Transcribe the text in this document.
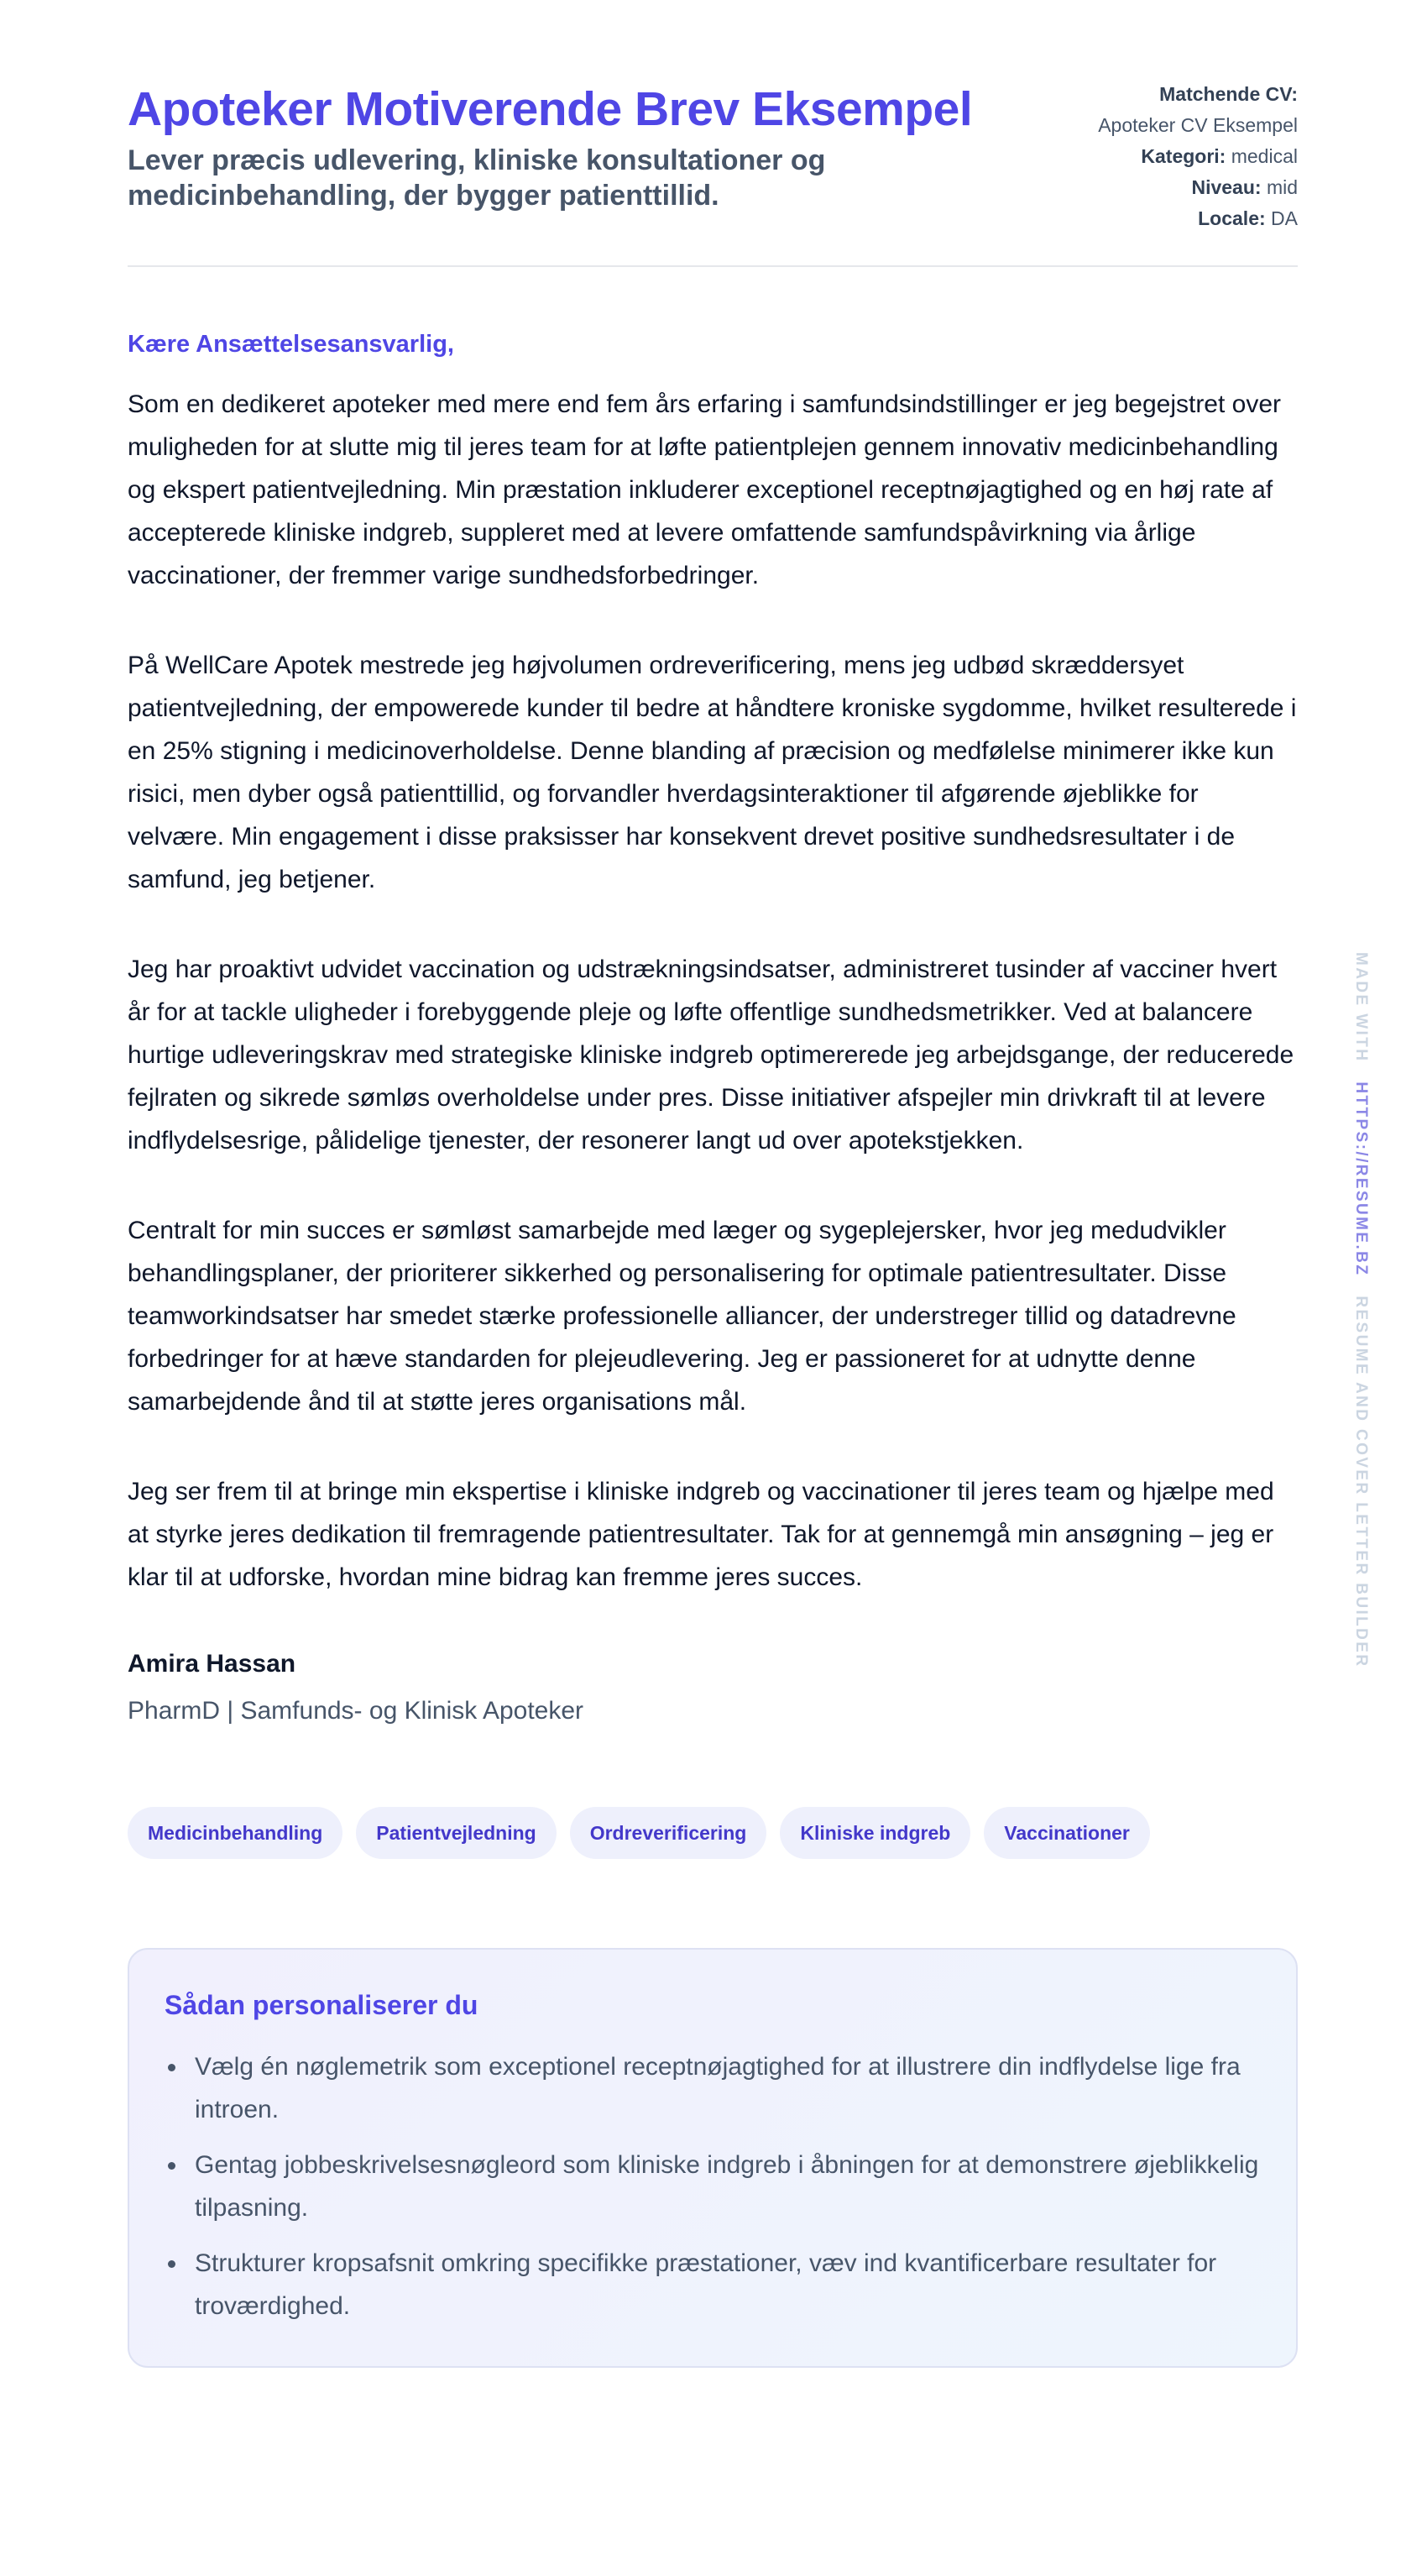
Apoteker Motiverende Brev Eksempel
Lever præcis udlevering, kliniske konsultationer og medicinbehandling, der bygger patienttillid.
Matchende CV:
Apoteker CV Eksempel
Kategori: medical
Niveau: mid
Locale: DA
Kære Ansættelsesansvarlig,

Som en dedikeret apoteker med mere end fem års erfaring i samfundsindstillinger er jeg begejstret over muligheden for at slutte mig til jeres team for at løfte patientplejen gennem innovativ medicinbehandling og ekspert patientvejledning. Min præstation inkluderer exceptionel receptnøjagtighed og en høj rate af accepterede kliniske indgreb, suppleret med at levere omfattende samfundspåvirkning via årlige vaccinationer, der fremmer varige sundhedsforbedringer.

På WellCare Apotek mestrede jeg højvolumen ordreverificering, mens jeg udbød skræddersyet patientvejledning, der empowerede kunder til bedre at håndtere kroniske sygdomme, hvilket resulterede i en 25% stigning i medicinoverholdelse. Denne blanding af præcision og medfølelse minimerer ikke kun risici, men dyber også patienttillid, og forvandler hverdagsinteraktioner til afgørende øjeblikke for velvære. Min engagement i disse praksisser har konsekvent drevet positive sundhedsresultater i de samfund, jeg betjener.

Jeg har proaktivt udvidet vaccination og udstrækningsindsatser, administreret tusinder af vacciner hvert år for at tackle uligheder i forebyggende pleje og løfte offentlige sundhedsmetrikker. Ved at balancere hurtige udleveringskrav med strategiske kliniske indgreb optimererede jeg arbejdsgange, der reducerede fejlraten og sikrede sømløs overholdelse under pres. Disse initiativer afspejler min drivkraft til at levere indflydelsesrige, pålidelige tjenester, der resonerer langt ud over apotekstjekken.

Centralt for min succes er sømløst samarbejde med læger og sygeplejersker, hvor jeg medudvikler behandlingsplaner, der prioriterer sikkerhed og personalisering for optimale patientresultater. Disse teamworkindsatser har smedet stærke professionelle alliancer, der understreger tillid og datadrevne forbedringer for at hæve standarden for plejeudlevering. Jeg er passioneret for at udnytte denne samarbejdende ånd til at støtte jeres organisations mål.

Jeg ser frem til at bringe min ekspertise i kliniske indgreb og vaccinationer til jeres team og hjælpe med at styrke jeres dedikation til fremragende patientresultater. Tak for at gennemgå min ansøgning – jeg er klar til at udforske, hvordan mine bidrag kan fremme jeres succes.

Amira Hassan
PharmD | Samfunds- og Klinisk Apoteker
Medicinbehandling	Patientvejledning	Ordreverificering	Kliniske indgreb	Vaccinationer
Sådan personaliserer du
Vælg én nøglemetrik som exceptionel receptnøjagtighed for at illustrere din indflydelse lige fra introen.
Gentag jobbeskrivelsesnøgleord som kliniske indgreb i åbningen for at demonstrere øjeblikkelig tilpasning.
Strukturer kropsafsnit omkring specifikke præstationer, væv ind kvantificerbare resultater for troværdighed.
MADE WITH   HTTPS://RESUME.BZ   RESUME AND COVER LETTER BUILDER
